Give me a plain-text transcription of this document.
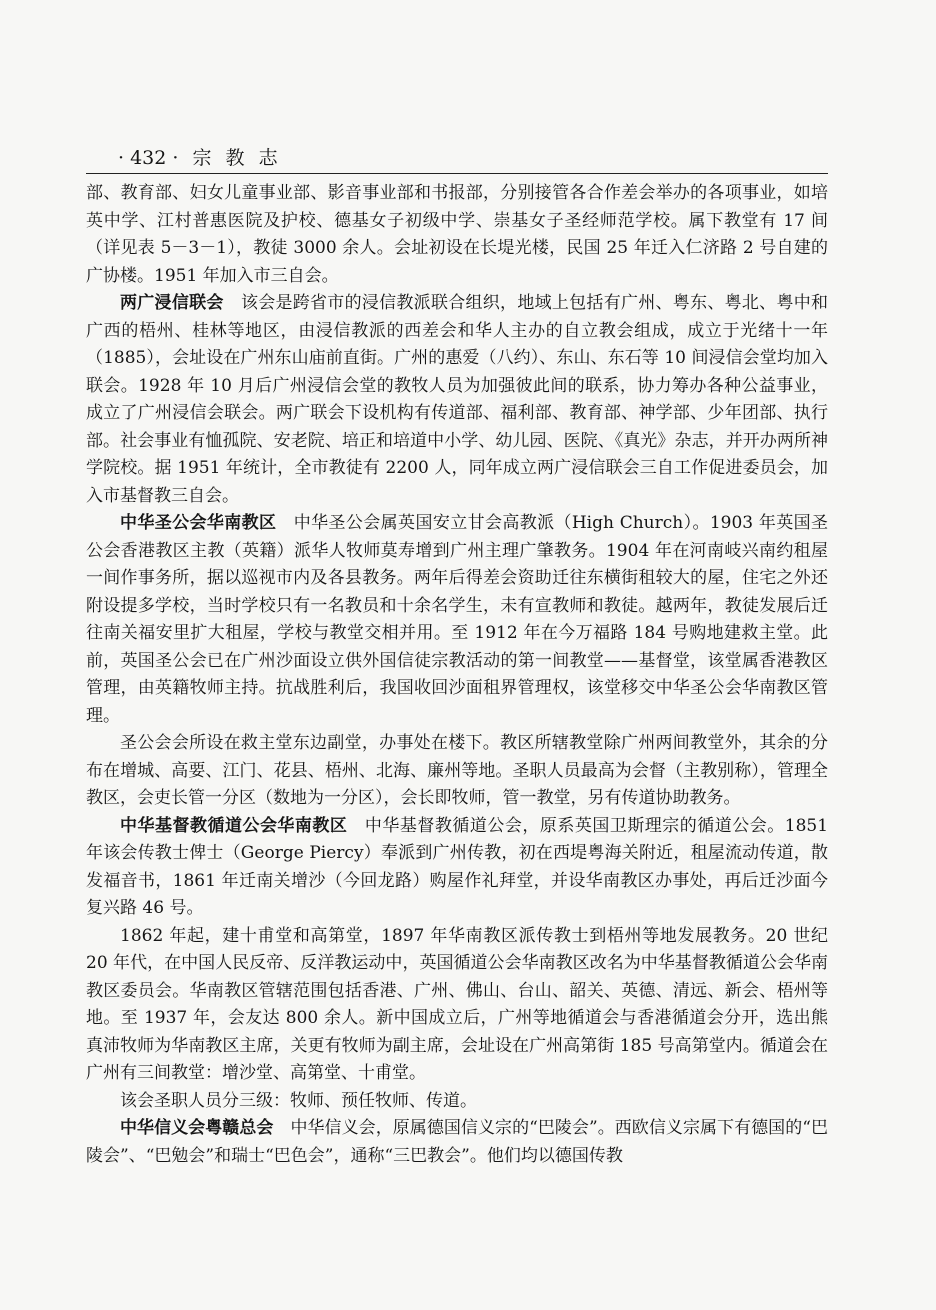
· 432 · 宗 教 志

部、教育部、妇女儿童事业部、影音事业部和书报部，分别接管各合作差会举办的各项事业，如培英中学、江村普惠医院及护校、德基女子初级中学、崇基女子圣经师范学校。属下教堂有 17 间（详见表 5－3－1），教徒 3000 余人。会址初设在长堤光楼，民国 25 年迁入仁济路 2 号自建的广协楼。1951 年加入市三自会。

两广浸信联会　 该会是跨省市的浸信教派联合组织，地域上包括有广州、粤东、粤北、粤中和广西的梧州、桂林等地区，由浸信教派的西差会和华人主办的自立教会组成，成立于光绪十一年（1885），会址设在广州东山庙前直街。广州的惠爱（八约）、东山、东石等 10 间浸信会堂均加入联会。1928 年 10 月后广州浸信会堂的教牧人员为加强彼此间的联系，协力筹办各种公益事业，成立了广州浸信会联会。两广联会下设机构有传道部、福利部、教育部、神学部、少年团部、执行部。社会事业有恤孤院、安老院、培正和培道中小学、幼儿园、医院、《真光》杂志，并开办两所神学院校。据 1951 年统计，全市教徒有 2200 人，同年成立两广浸信联会三自工作促进委员会，加入市基督教三自会。

中华圣公会华南教区　 中华圣公会属英国安立甘会高教派（High Church）。1903 年英国圣公会香港教区主教（英籍）派华人牧师莫寿增到广州主理广肇教务。1904 年在河南岐兴南约租屋一间作事务所，据以巡视市内及各县教务。两年后得差会资助迁往东横街租较大的屋，住宅之外还附设提多学校，当时学校只有一名教员和十余名学生，未有宣教师和教徒。越两年，教徒发展后迁往南关福安里扩大租屋，学校与教堂交相并用。至 1912 年在今万福路 184 号购地建救主堂。此前，英国圣公会已在广州沙面设立供外国信徒宗教活动的第一间教堂——基督堂，该堂属香港教区管理，由英籍牧师主持。抗战胜利后，我国收回沙面租界管理权，该堂移交中华圣公会华南教区管理。

圣公会会所设在救主堂东边副堂，办事处在楼下。教区所辖教堂除广州两间教堂外，其余的分布在增城、高要、江门、花县、梧州、北海、廉州等地。圣职人员最高为会督（主教别称），管理全教区，会吏长管一分区（数地为一分区），会长即牧师，管一教堂，另有传道协助教务。

中华基督教循道公会华南教区　 中华基督教循道公会，原系英国卫斯理宗的循道公会。1851 年该会传教士俾士（George Piercy）奉派到广州传教，初在西堤粤海关附近，租屋流动传道，散发福音书，1861 年迁南关增沙（今回龙路）购屋作礼拜堂，并设华南教区办事处，再后迁沙面今复兴路 46 号。

1862 年起，建十甫堂和高第堂，1897 年华南教区派传教士到梧州等地发展教务。20 世纪 20 年代，在中国人民反帝、反洋教运动中，英国循道公会华南教区改名为中华基督教循道公会华南教区委员会。华南教区管辖范围包括香港、广州、佛山、台山、韶关、英德、清远、新会、梧州等地。至 1937 年，会友达 800 余人。新中国成立后，广州等地循道会与香港循道会分开，选出熊真沛牧师为华南教区主席，关更有牧师为副主席，会址设在广州高第街 185 号高第堂内。循道会在广州有三间教堂：增沙堂、高第堂、十甫堂。

该会圣职人员分三级：牧师、预任牧师、传道。

中华信义会粤赣总会　 中华信义会，原属德国信义宗的“巴陵会”。西欧信义宗属下有德国的“巴陵会”、“巴勉会”和瑞士“巴色会”，通称“三巴教会”。他们均以德国传教
